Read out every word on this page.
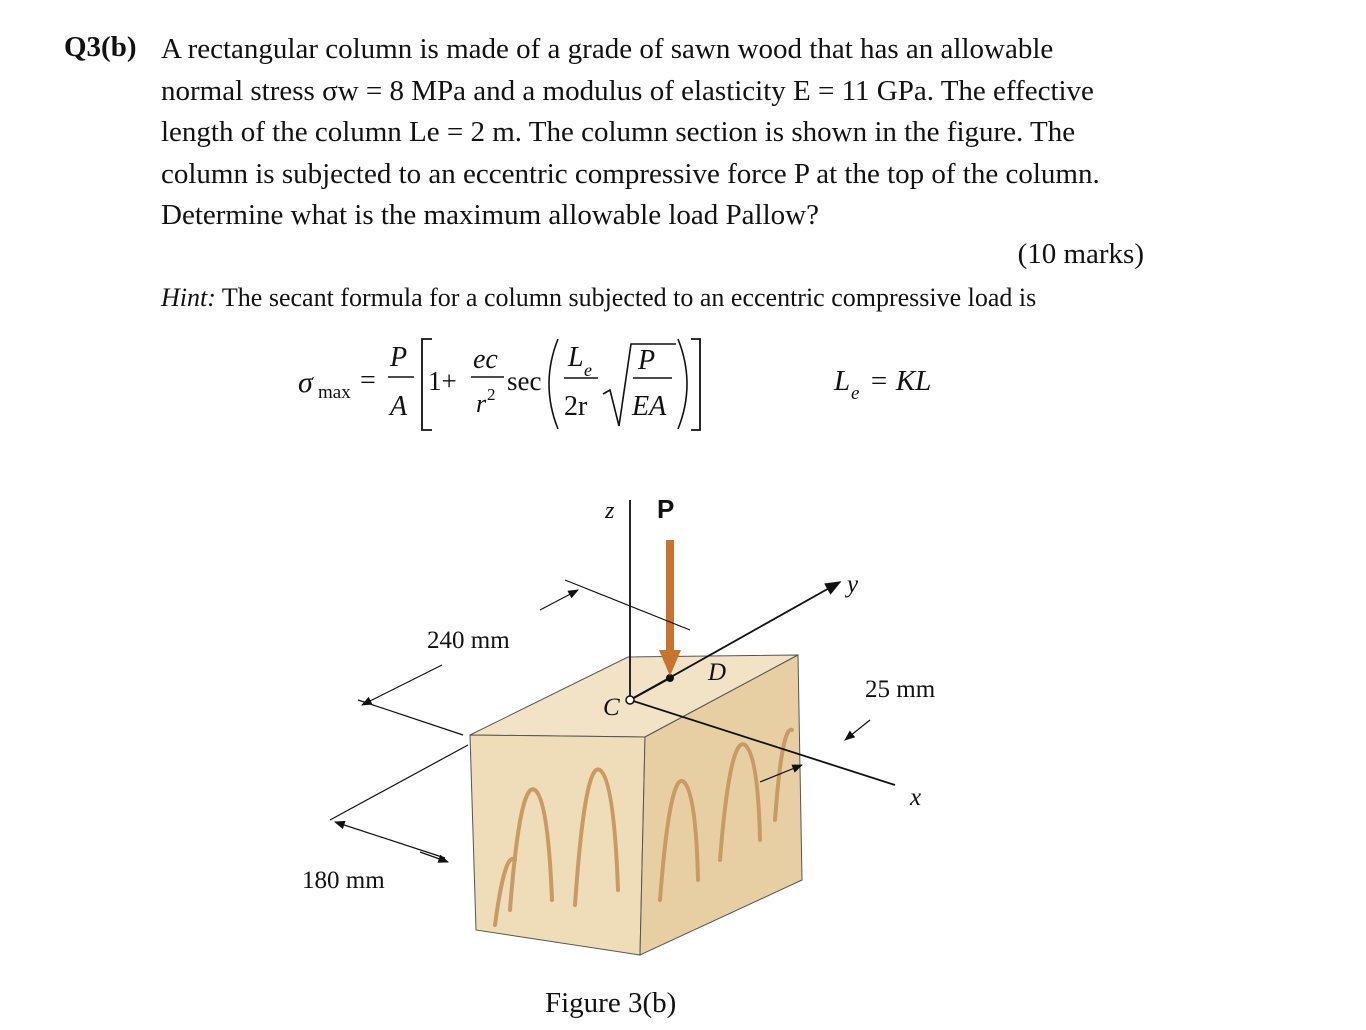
Q3(b) A rectangular column is made of a grade of sawn wood that has an allowable

normal stress σw = 8 MPa and a modulus of elasticity E = 11 GPa. The effective

length of the column Le = 2 m. The column section is shown in the figure. The

column is subjected to an eccentric compressive force P at the top of the column.

Determine what is the maximum allowable load Pallow?

(10 marks)
Hint: The secant formula for a column subjected to an eccentric compressive load is
σ max =
P
A
1+
ec
r 2 sec
L e
2r
P
EA
L e = KL
z P
y
x
C
D
240 mm
25 mm
180 mm
Figure 3(b)
